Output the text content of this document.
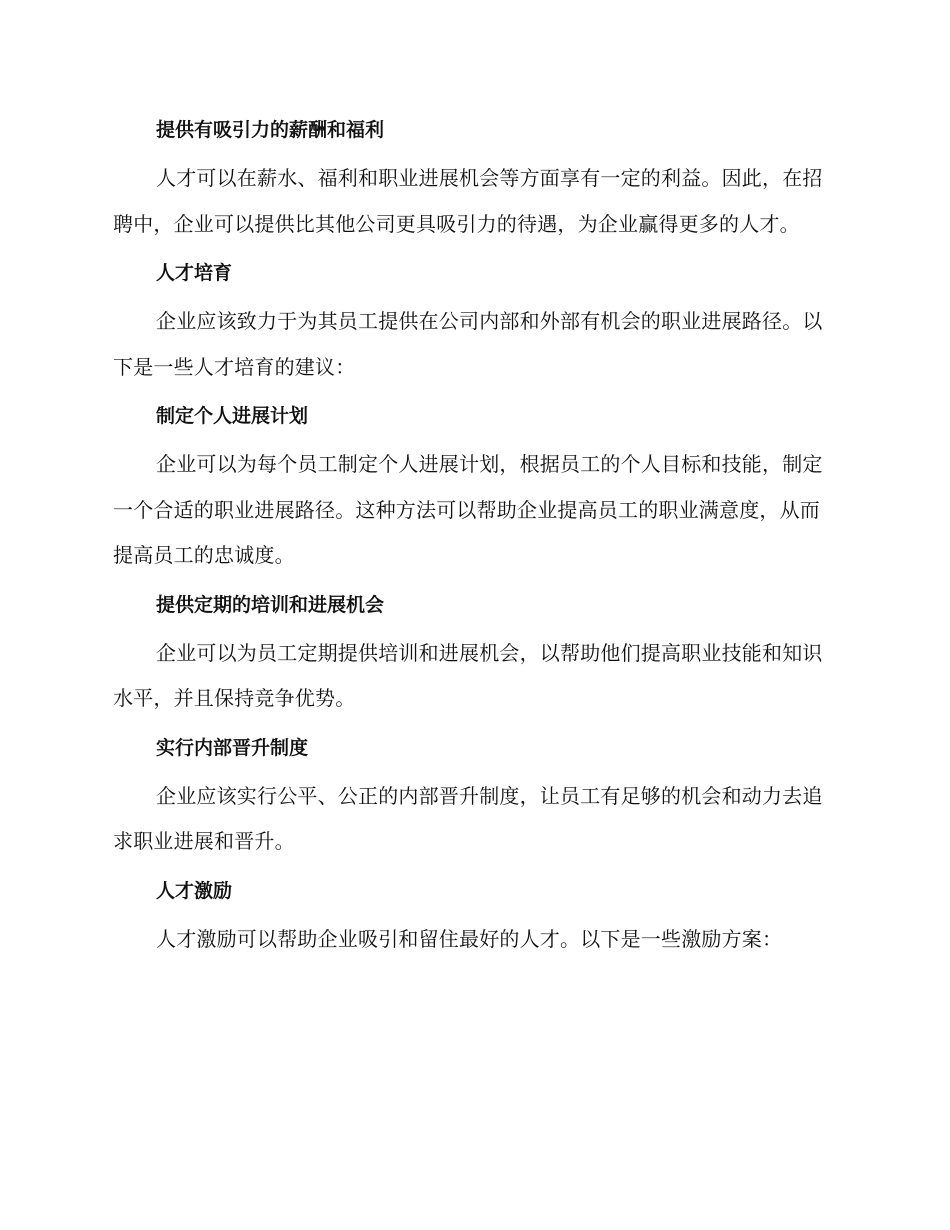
提供有吸引力的薪酬和福利

人才可以在薪水、福利和职业进展机会等方面享有一定的利益。因此，在招聘中，企业可以提供比其他公司更具吸引力的待遇，为企业赢得更多的人才。

人才培育

企业应该致力于为其员工提供在公司内部和外部有机会的职业进展路径。以下是一些人才培育的建议：

制定个人进展计划

企业可以为每个员工制定个人进展计划，根据员工的个人目标和技能，制定一个合适的职业进展路径。这种方法可以帮助企业提高员工的职业满意度，从而提高员工的忠诚度。

提供定期的培训和进展机会

企业可以为员工定期提供培训和进展机会，以帮助他们提高职业技能和知识水平，并且保持竞争优势。

实行内部晋升制度

企业应该实行公平、公正的内部晋升制度，让员工有足够的机会和动力去追求职业进展和晋升。

人才激励

人才激励可以帮助企业吸引和留住最好的人才。以下是一些激励方案：
